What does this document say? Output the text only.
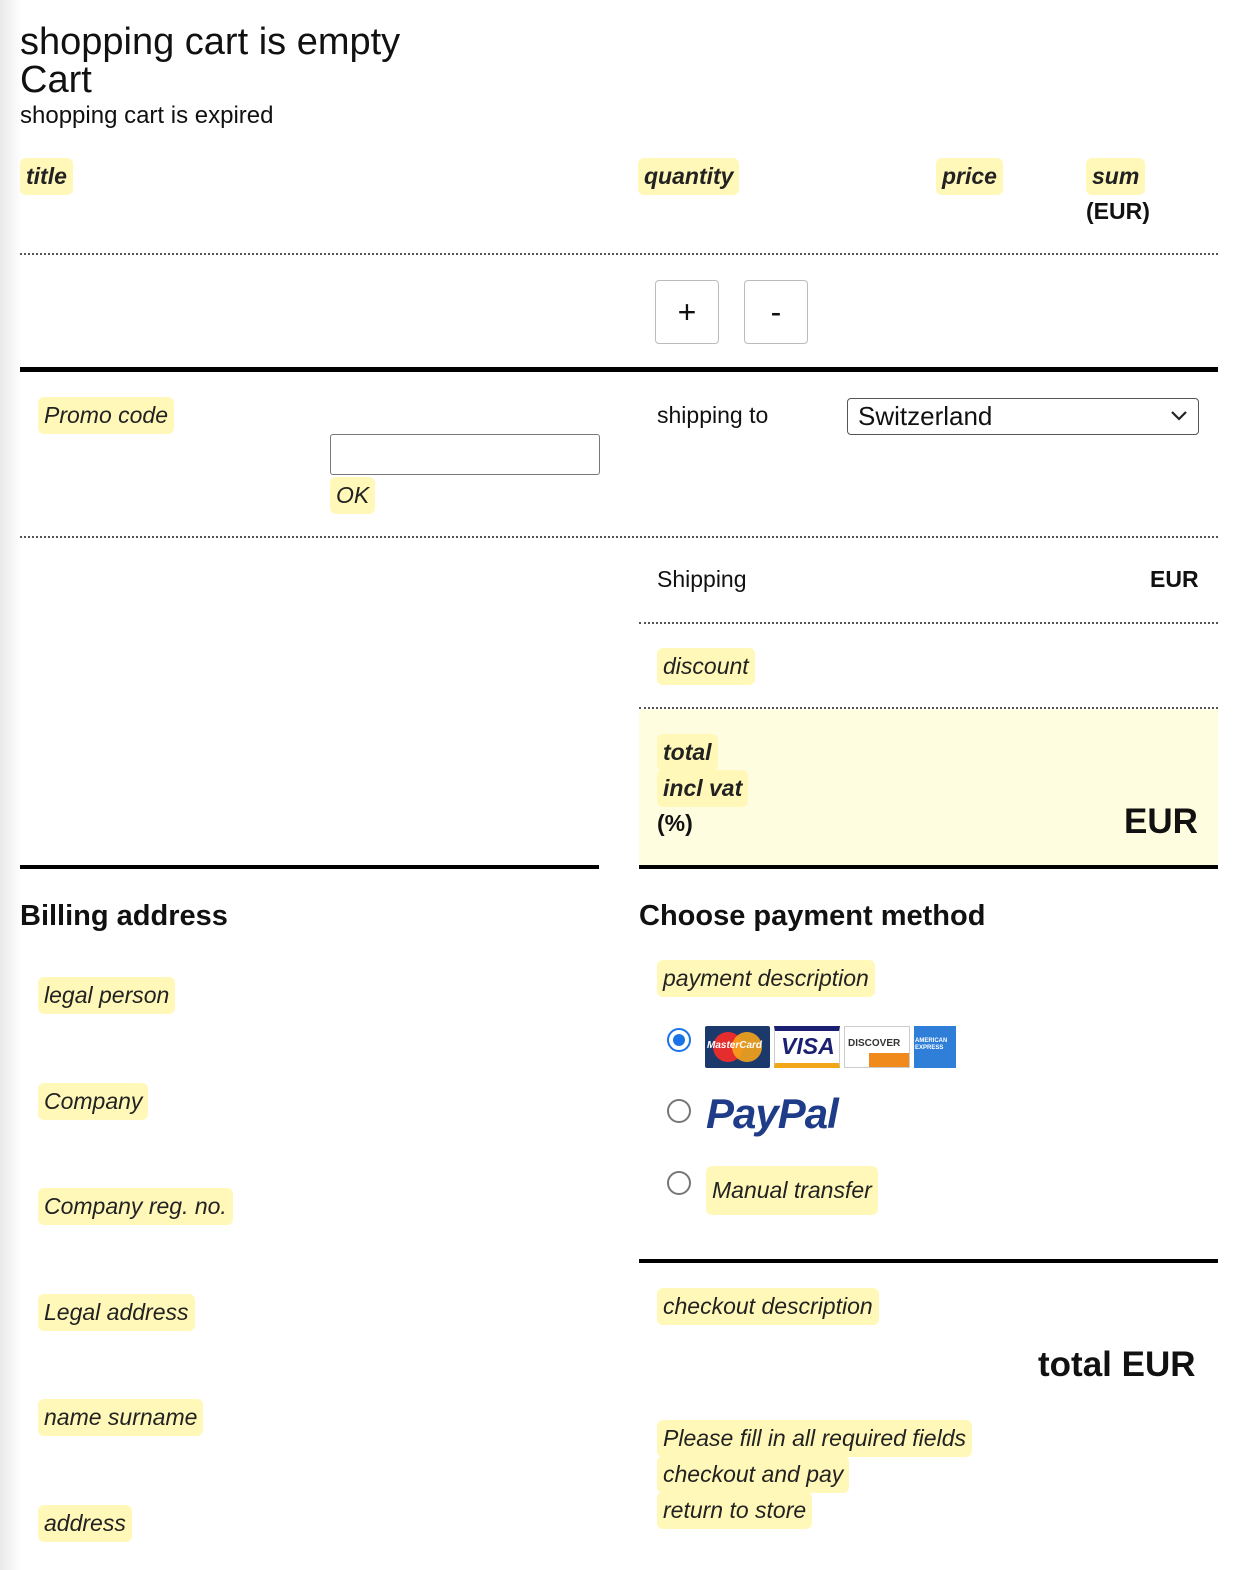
shopping cart is empty
Cart
shopping cart is expired
title	quantity	price	sum
(EUR)
+	-
Promo code
OK
shipping to	Switzerland
Shipping	EUR
discount
total
incl vat
(%)	EUR
Billing address
legal person
Company
Company reg. no.
Legal address
name surname
address
Choose payment method
payment description
MasterCard VISA DISCOVER AMERICAN EXPRESS
PayPal
Manual transfer
checkout description
total EUR
Please fill in all required fields
checkout and pay
return to store
